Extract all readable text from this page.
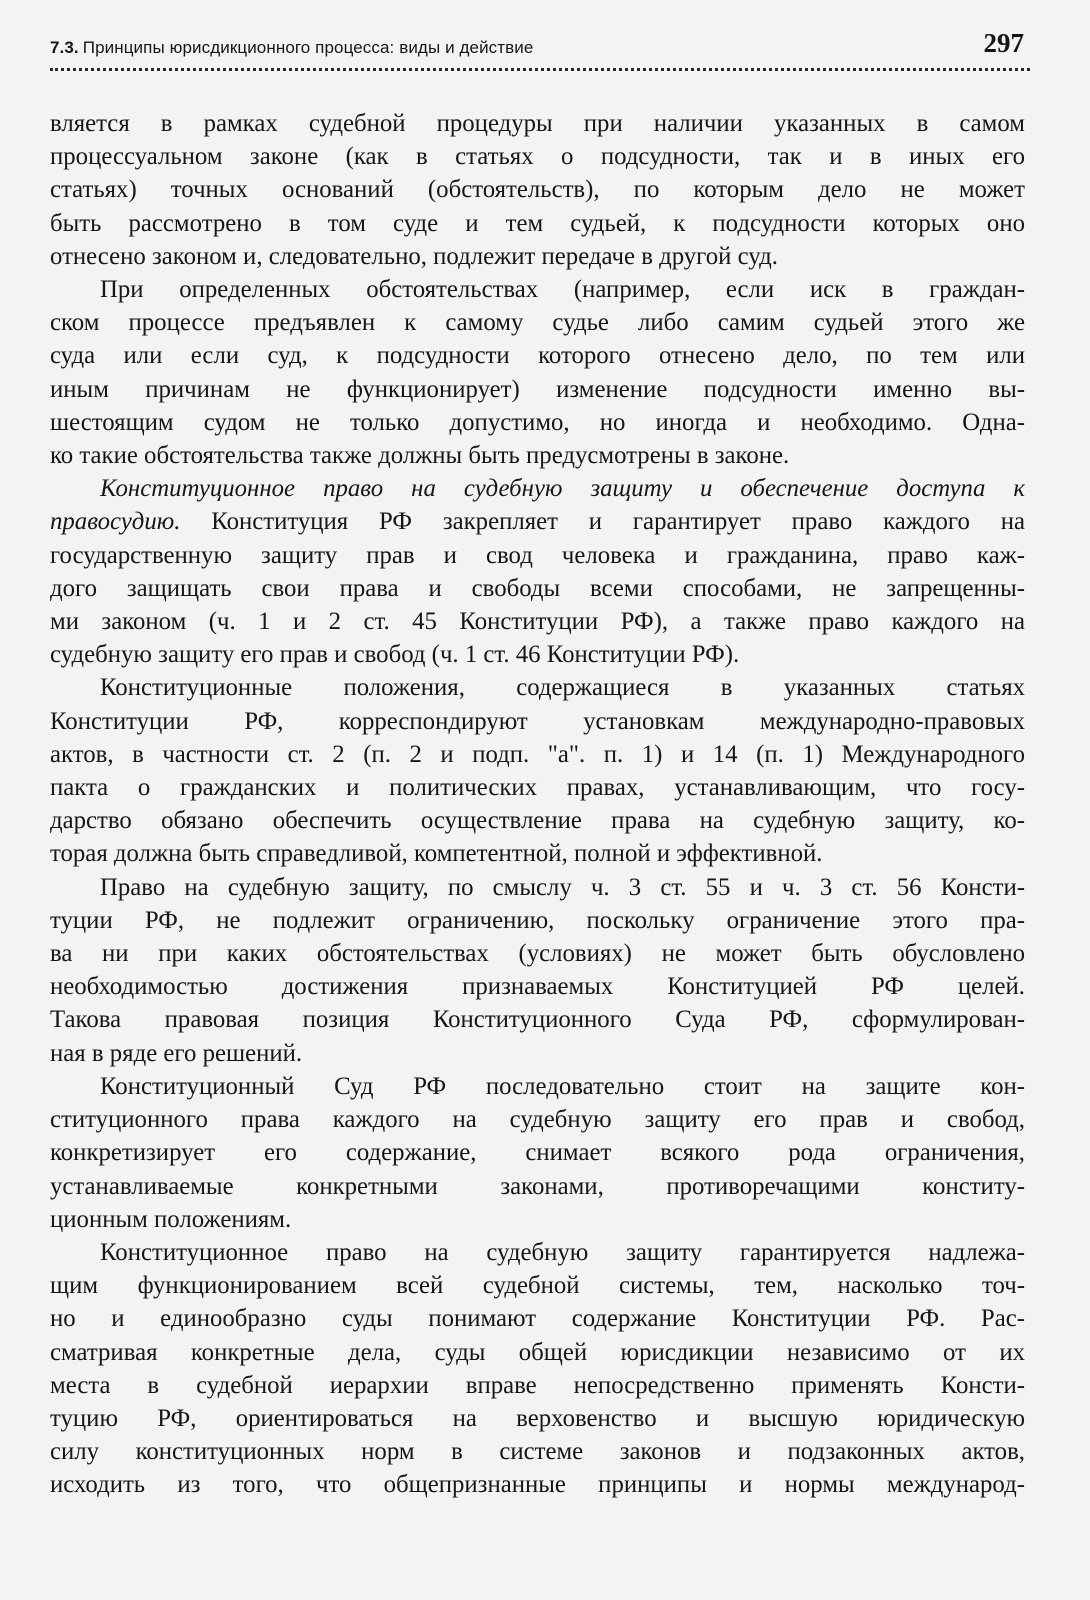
7.3. Принципы юрисдикционного процесса: виды и действие	297
вляется в рамках судебной процедуры при наличии указанных в самом
процессуальном законе (как в статьях о подсудности, так и в иных его
статьях) точных оснований (обстоятельств), по которым дело не может
быть рассмотрено в том суде и тем судьей, к подсудности которых оно
отнесено законом и, следовательно, подлежит передаче в другой суд.
При определенных обстоятельствах (например, если иск в граждан-
ском процессе предъявлен к самому судье либо самим судьей этого же
суда или если суд, к подсудности которого отнесено дело, по тем или
иным причинам не функционирует) изменение подсудности именно вы-
шестоящим судом не только допустимо, но иногда и необходимо. Одна-
ко такие обстоятельства также должны быть предусмотрены в законе.
Конституционное право на судебную защиту и обеспечение доступа к
правосудию. Конституция РФ закрепляет и гарантирует право каждого на
государственную защиту прав и свод человека и гражданина, право каж-
дого защищать свои права и свободы всеми способами, не запрещенны-
ми законом (ч. 1 и 2 ст. 45 Конституции РФ), а также право каждого на
судебную защиту его прав и свобод (ч. 1 ст. 46 Конституции РФ).
Конституционные положения, содержащиеся в указанных статьях
Конституции РФ, корреспондируют установкам международно-правовых
актов, в частности ст. 2 (п. 2 и подп. "а". п. 1) и 14 (п. 1) Международного
пакта о гражданских и политических правах, устанавливающим, что госу-
дарство обязано обеспечить осуществление права на судебную защиту, ко-
торая должна быть справедливой, компетентной, полной и эффективной.
Право на судебную защиту, по смыслу ч. 3 ст. 55 и ч. 3 ст. 56 Консти-
туции РФ, не подлежит ограничению, поскольку ограничение этого пра-
ва ни при каких обстоятельствах (условиях) не может быть обусловлено
необходимостью достижения признаваемых Конституцией РФ целей.
Такова правовая позиция Конституционного Суда РФ, сформулирован-
ная в ряде его решений.
Конституционный Суд РФ последовательно стоит на защите кон-
ституционного права каждого на судебную защиту его прав и свобод,
конкретизирует его содержание, снимает всякого рода ограничения,
устанавливаемые конкретными законами, противоречащими конститу-
ционным положениям.
Конституционное право на судебную защиту гарантируется надлежа-
щим функционированием всей судебной системы, тем, насколько точ-
но и единообразно суды понимают содержание Конституции РФ. Рас-
сматривая конкретные дела, суды общей юрисдикции независимо от их
места в судебной иерархии вправе непосредственно применять Консти-
туцию РФ, ориентироваться на верховенство и высшую юридическую
силу конституционных норм в системе законов и подзаконных актов,
исходить из того, что общепризнанные принципы и нормы международ-
